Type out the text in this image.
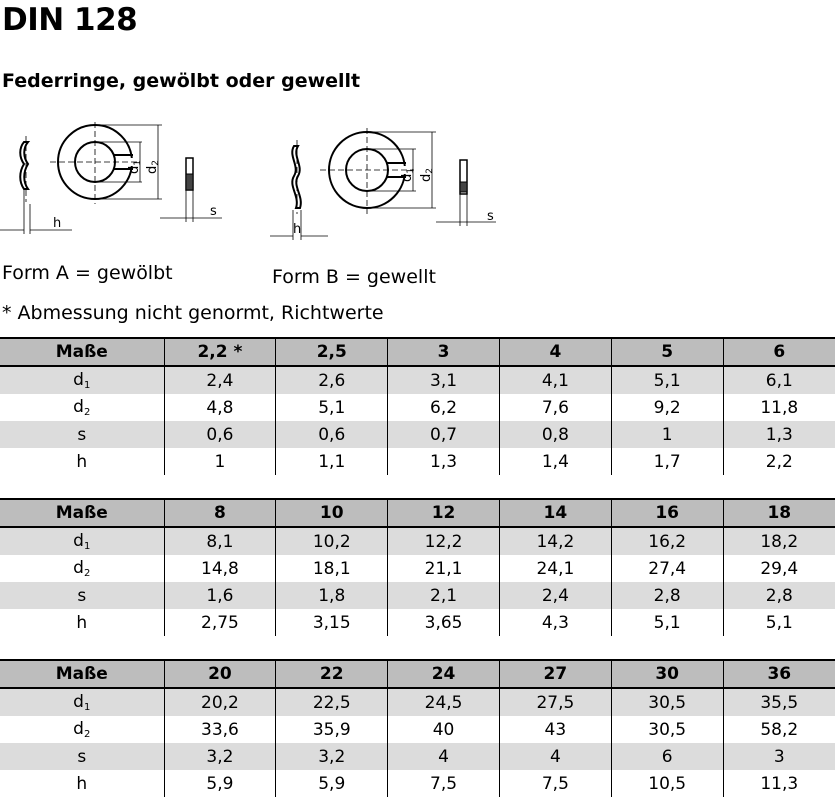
DIN 128
Federringe, gewölbt oder gewellt
d1
d2
h
s
d1
d2
h
s
Form A = gewölbt	Form B = gewellt
* Abmessung nicht genormt, Richtwerte
Maße	2,2 *	2,5	3	4	5	6
$d_1$	2,4	2,6	3,1	4,1	5,1	6,1
$d_2$	4,8	5,1	6,2	7,6	9,2	11,8
s	0,6	0,6	0,7	0,8	1	1,3
h	1	1,1	1,3	1,4	1,7	2,2
Maße	8	10	12	14	16	18
$d_1$	8,1	10,2	12,2	14,2	16,2	18,2
$d_2$	14,8	18,1	21,1	24,1	27,4	29,4
s	1,6	1,8	2,1	2,4	2,8	2,8
h	2,75	3,15	3,65	4,3	5,1	5,1
Maße	20	22	24	27	30	36
$d_1$	20,2	22,5	24,5	27,5	30,5	35,5
$d_2$	33,6	35,9	40	43	30,5	58,2
s	3,2	3,2	4	4	6	3
h	5,9	5,9	7,5	7,5	10,5	11,3
